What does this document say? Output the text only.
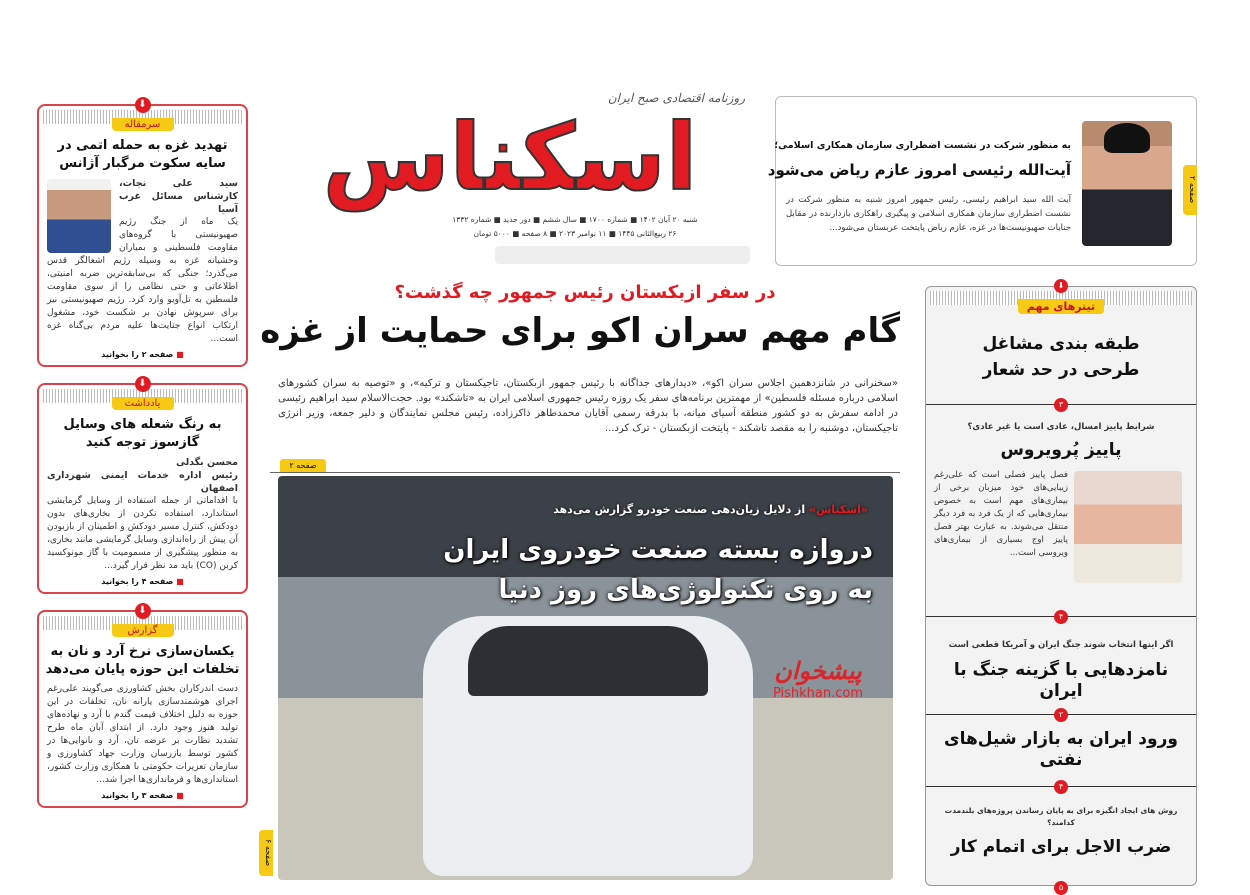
روزنامه اقتصادی صبح ایران
اسکناس
شنبه ۲۰ آبان ۱۴۰۲ ■ شماره ۱۷۰۰ ■ سال ششم ■ دور جدید ■ شماره ۱۳۳۲
۲۶ ربیع‌الثانی ۱۴۴۵ ■ ۱۱ نوامبر ۲۰۲۳ ■ ۸ صفحه ■ ۵۰۰۰ تومان
صفحه ۲
به منظور شرکت در نشست اضطراری سازمان همکاری اسلامی؛
آیت‌الله رئیسی امروز عازم ریاض می‌شود
آیت الله سید ابراهیم رئیسی، رئیس جمهور امروز شنبه به منظور شرکت در نشست اضطراری سازمان همکاری اسلامی و پیگیری راهکاری بازدارنده در مقابل جنایات صهیونیست‌ها در غزه، عازم ریاض پایتخت عربستان می‌شود...
⬇
سرمقاله
تهدید غزه به حمله اتمی در سایه سکوت مرگبار آژانس
سید علی نجات، کارشناس مسائل غرب آسیا
یک ماه از جنگ رژیم صهیونیستی با گروه‌های مقاومت فلسطینی و بمباران وحشیانه غزه به وسیله رژیم اشغالگر قدس می‌گذرد؛ جنگی که بی‌سابقه‌ترین ضربه امنیتی، اطلاعاتی و حتی نظامی را از سوی مقاومت فلسطین به تل‌آویو وارد کرد. رژیم صهیونیستی نیز برای سرپوش نهادن بر شکست خود، مشغول ارتکاب انواع جنایت‌ها علیه مردم بی‌گناه غزه است...
■ صفحه ۲ را بخوانید
⬇
یادداشت
به رنگ شعله های وسایل گازسوز توجه کنید
محسن بگدلی
رئیس اداره خدمات ایمنی شهرداری اصفهان
با اقداماتی از جمله استفاده از وسایل گرمایشی استاندارد، استفاده نکردن از بخاری‌های بدون دودکش، کنترل مسیر دودکش و اطمینان از بازبودن آن پیش از راه‌اندازی وسایل گرمایشی مانند بخاری، به منظور پیشگیری از مسمومیت با گاز مونوکسید کربن (CO) باید مد نظر قرار گیرد...
■ صفحه ۴ را بخوانید
⬇
گزارش
یکسان‌سازی نرخ آرد و نان به تخلفات این حوزه پایان می‌دهد
دست اندرکاران بخش کشاورزی می‌گویند علی‌رغم اجرای هوشمندسازی یارانه نان، تخلفات در این حوزه به دلیل اختلاف قیمت گندم با آرد و نهاده‌های تولید هنوز وجود دارد. از ابتدای آبان ماه طرح تشدید نظارت بر عرضه نان، آرد و نانوایی‌ها در کشور توسط بازرسان وزارت جهاد کشاورزی و سازمان تعزیرات حکومتی با همکاری وزارت کشور، استانداری‌ها و فرمانداری‌ها اجرا شد...
■ صفحه ۳ را بخوانید
در سفر ازبکستان رئیس جمهور چه گذشت؟
گام مهم سران اکو برای حمایت از غزه
«سخنرانی در شانزدهمین اجلاس سران اکو»، «دیدارهای جداگانه با رئیس جمهور ازبکستان، تاجیکستان و ترکیه»، و «توصیه به سران کشورهای اسلامی درباره مسئله فلسطین» از مهمترین برنامه‌های سفر یک روزه رئیس جمهوری اسلامی ایران به «تاشکند» بود. حجت‌الاسلام سید ابراهیم رئیسی در ادامه سفرش به دو کشور منطقه آسیای میانه، با بدرقه رسمی آقایان محمدطاهر ذاکرزاده، رئیس مجلس نمایندگان و دلیر جمعه، وزیر انرژی تاجیکستان، دوشنبه را به مقصد تاشکند - پایتخت ازبکستان - ترک کرد...
صفحه ۲
«اسکناس» از دلایل زیان‌دهی صنعت خودرو گزارش می‌دهد
دروازه بسته صنعت خودروی ایران
به روی تکنولوژی‌های روز دنیا
پیشخوان
Pishkhan.com
صفحه ۶
⬇
تیترهای مهم
طبقه بندی مشاغل طرحی در حد شعار
۳
شرایط پاییز امسال، عادی است یا غیر عادی؟
پاییز پُرویروس
فصل پاییز فصلی است که علی‌رغم زیبایی‌های خود میزبان برخی از بیماری‌های مهم است به خصوص بیماری‌هایی که از یک فرد به فرد دیگر منتقل می‌شوند. به عبارت بهتر فصل پاییز اوج بسیاری از بیماری‌های ویروسی است...
۴
اگر اینها انتخاب شوند جنگ ایران و آمریکا قطعی است
نامزدهایی با گزینه جنگ با ایران
۲
ورود ایران به بازار شیل‌های نفتی
۴
روش های ایجاد انگیزه برای به پایان رساندن پروژه‌های بلندمدت کدامند؟
ضرب الاجل برای اتمام کار
۵
